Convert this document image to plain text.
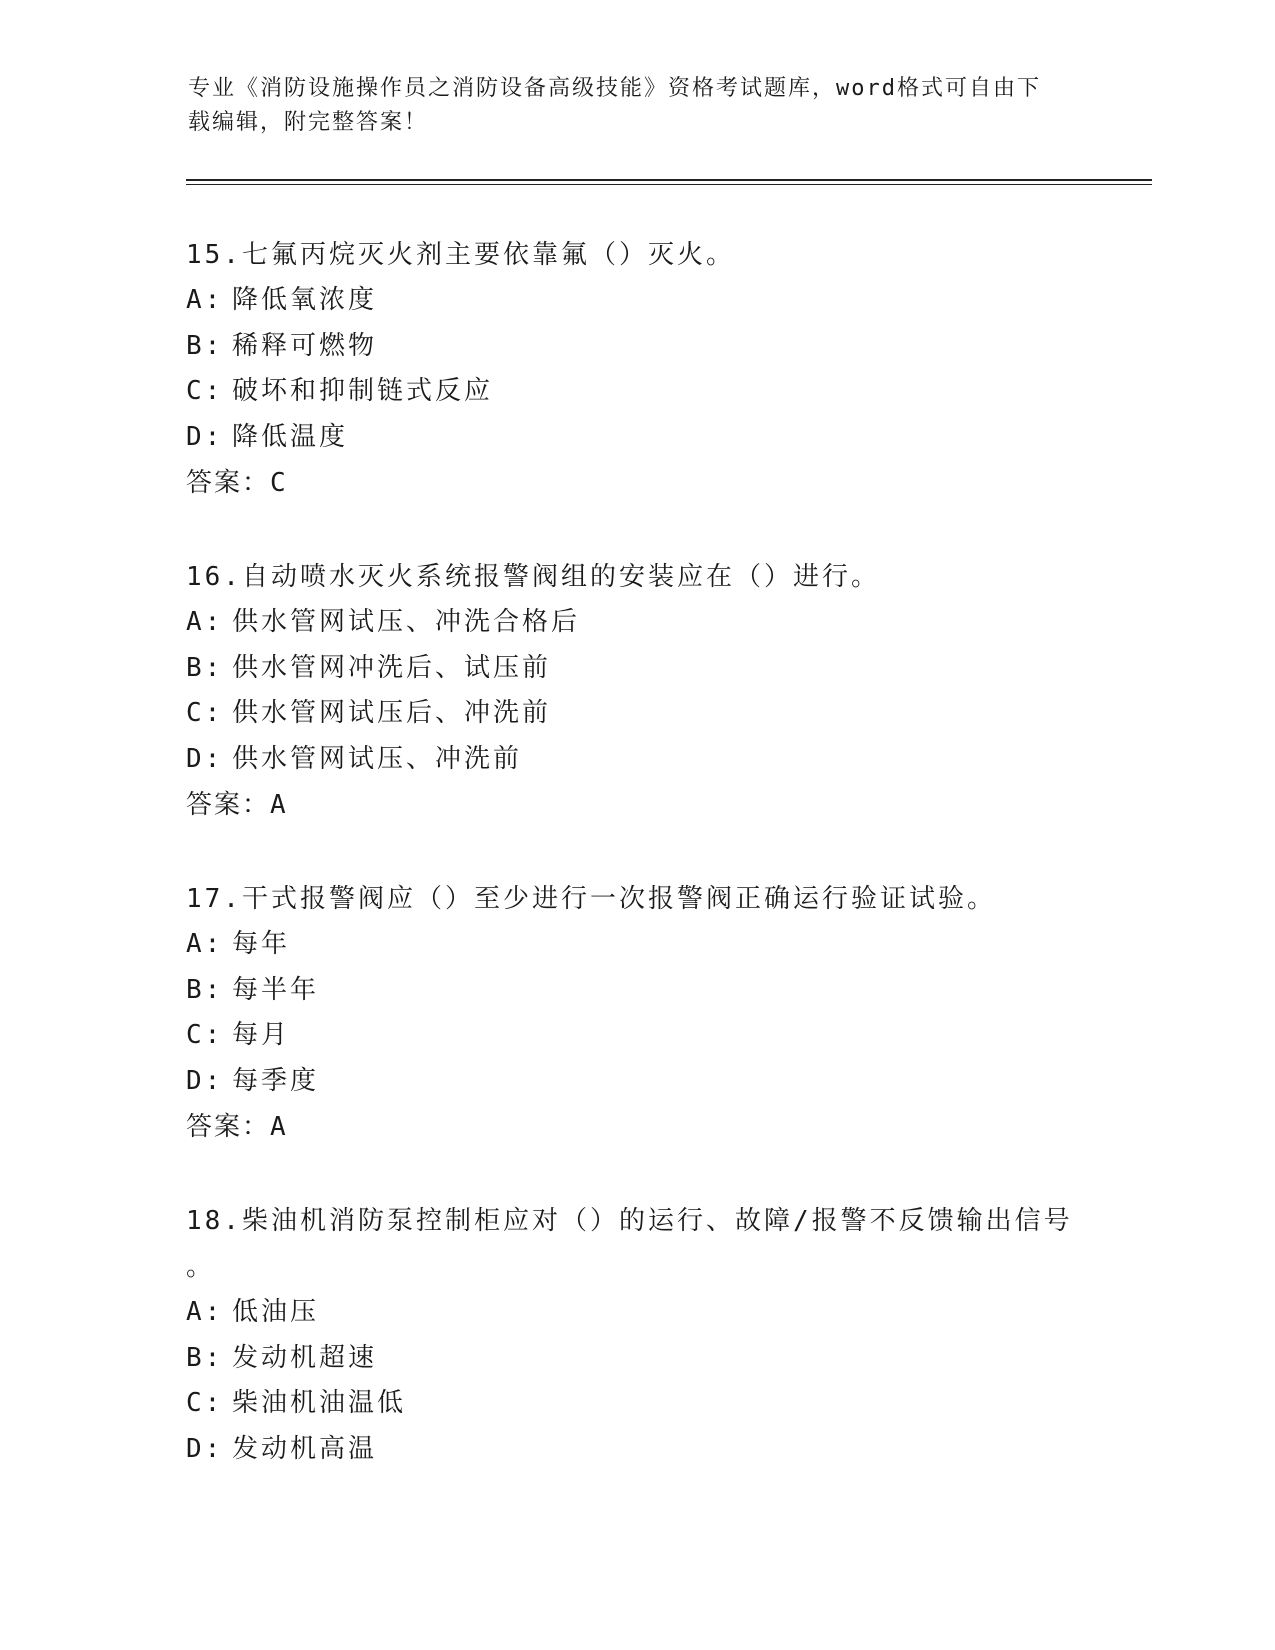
专业《消防设施操作员之消防设备高级技能》资格考试题库，word格式可自由下
载编辑，附完整答案！
15.七氟丙烷灭火剂主要依靠氟（）灭火。
A: 降低氧浓度
B: 稀释可燃物
C: 破坏和抑制链式反应
D: 降低温度
答案：C
16.自动喷水灭火系统报警阀组的安装应在（）进行。
A: 供水管网试压、冲洗合格后
B: 供水管网冲洗后、试压前
C: 供水管网试压后、冲洗前
D: 供水管网试压、冲洗前
答案：A
17.干式报警阀应（）至少进行一次报警阀正确运行验证试验。
A: 每年
B: 每半年
C: 每月
D: 每季度
答案：A
18.柴油机消防泵控制柜应对（）的运行、故障/报警不反馈输出信号
。
A: 低油压
B: 发动机超速
C: 柴油机油温低
D: 发动机高温
